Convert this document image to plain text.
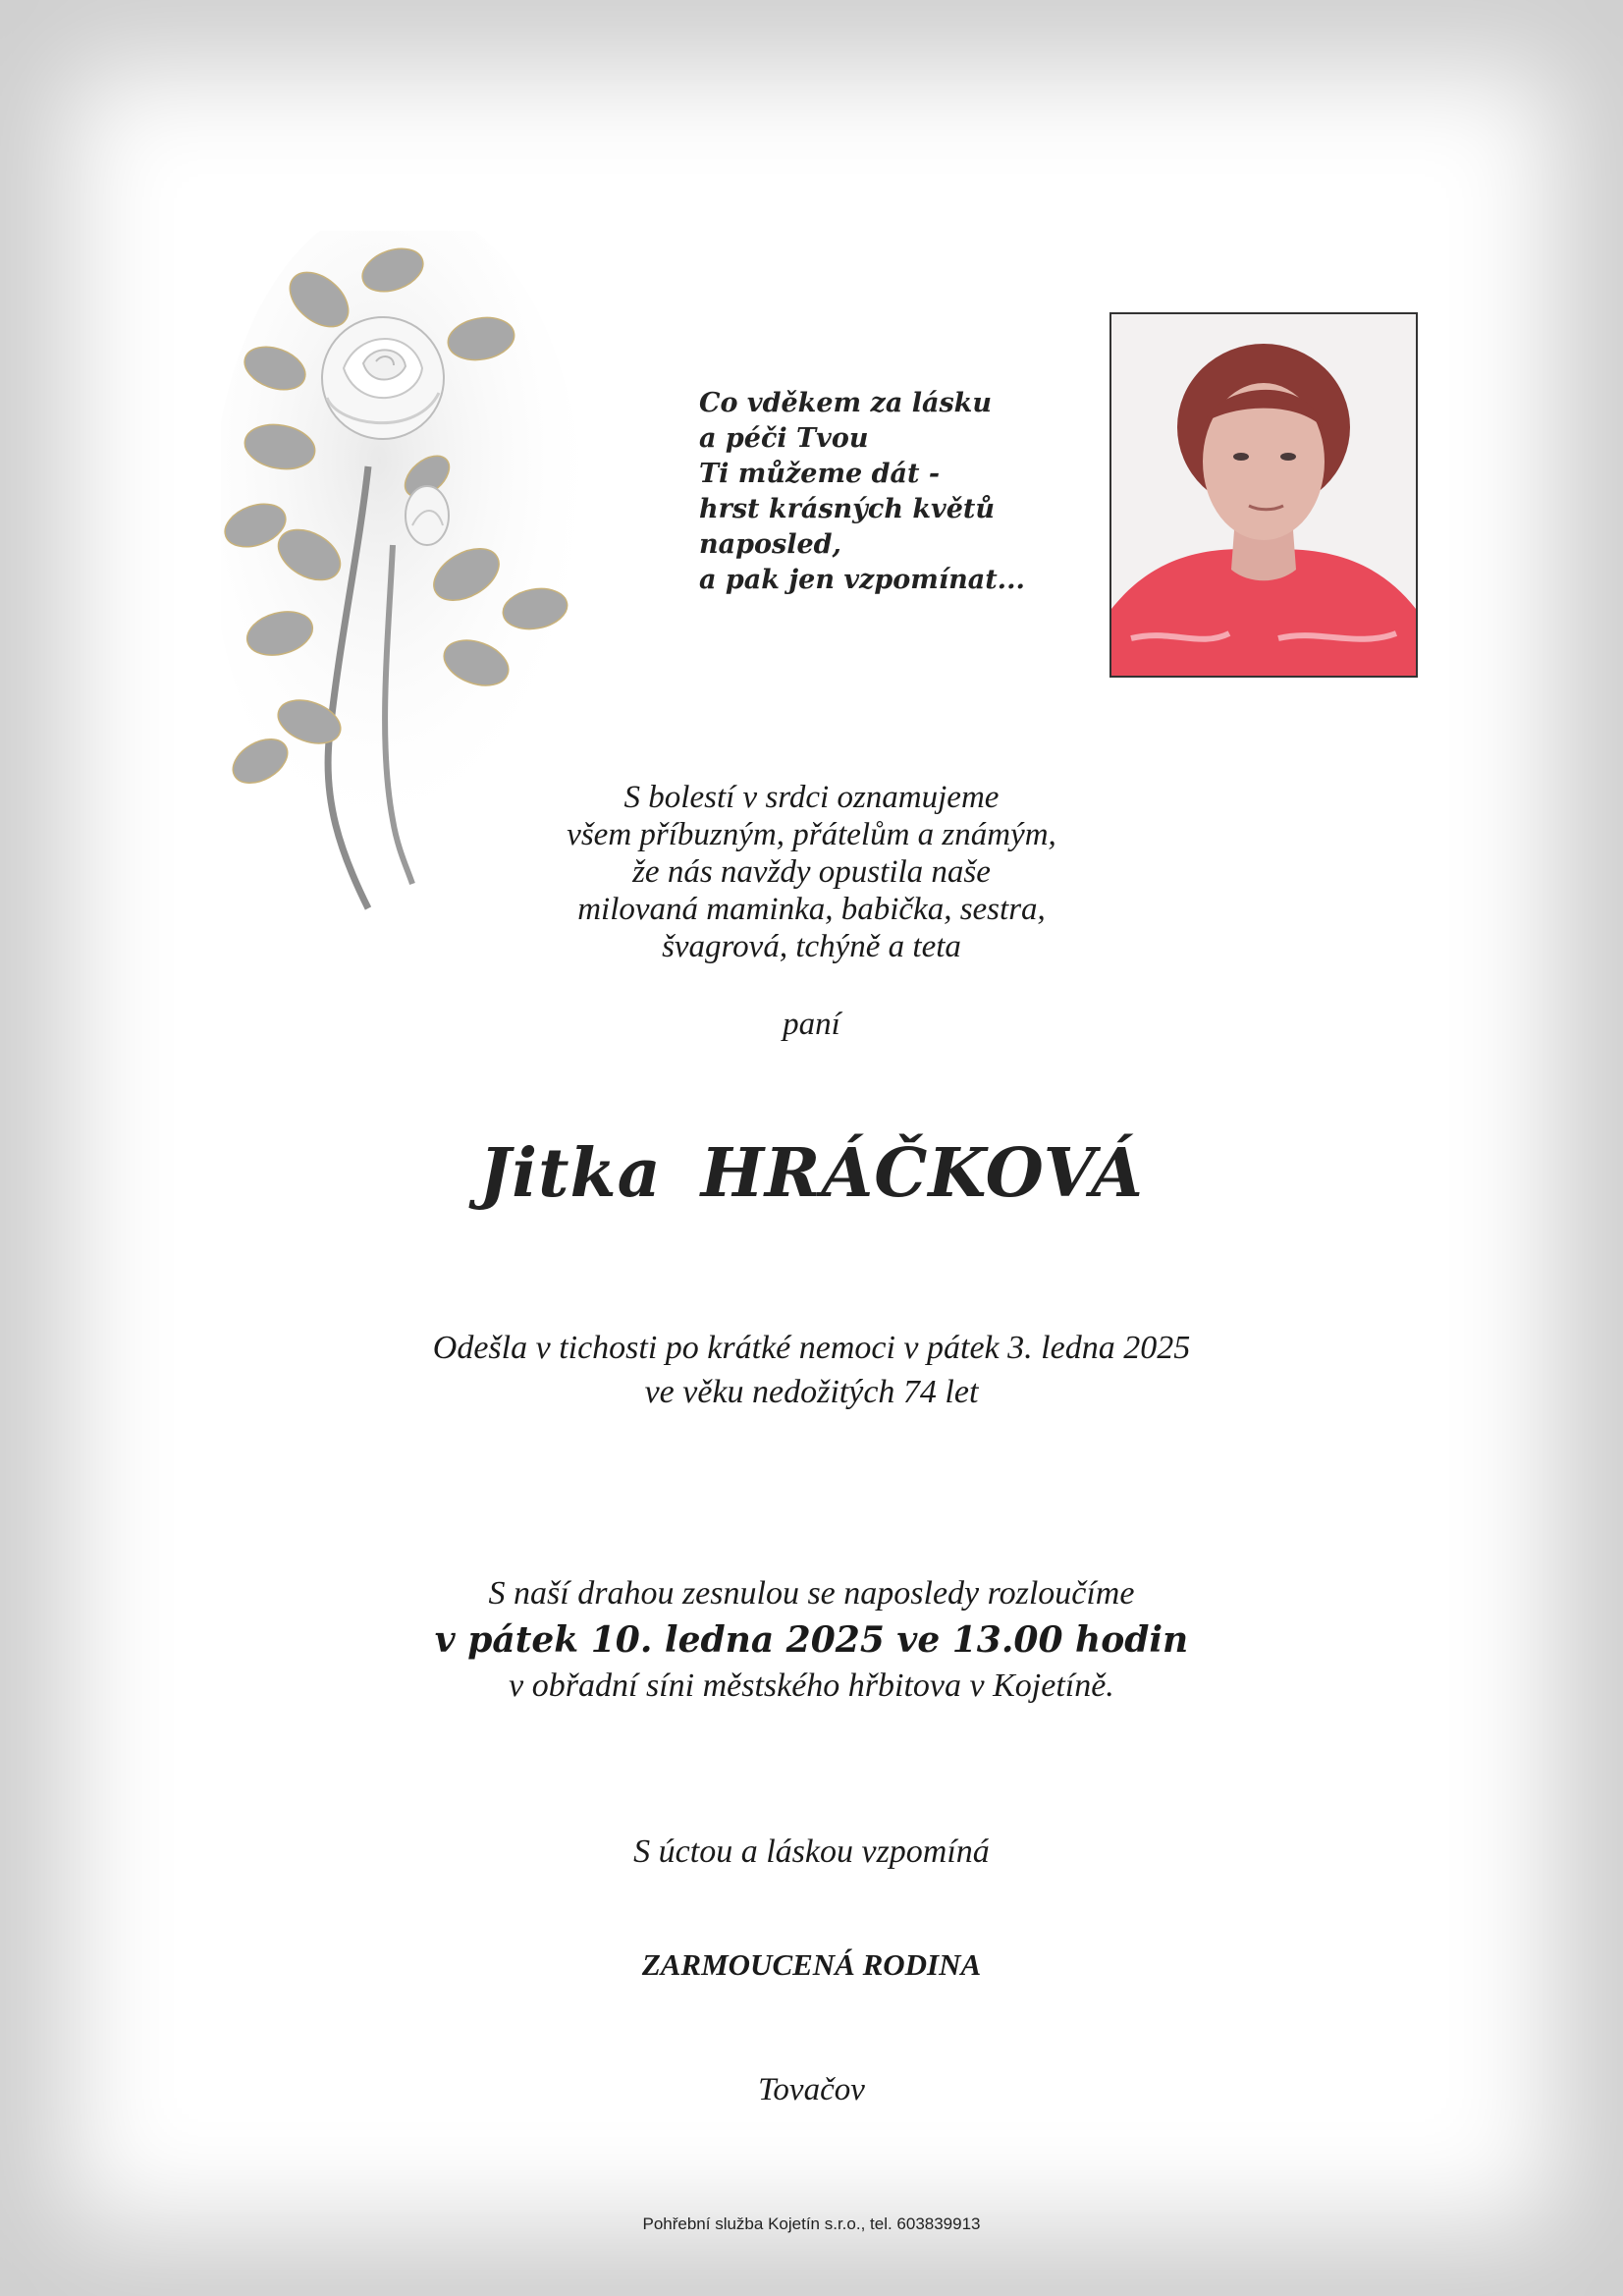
Co vděkem za lásku
a péči Tvou
Ti můžeme dát -
hrst krásných květů
naposled,
a pak jen vzpomínat...
S bolestí v srdci oznamujeme
všem příbuzným, přátelům a známým,
že nás navždy opustila naše
milovaná maminka, babička, sestra,
švagrová, tchýně a teta
paní
Jitka HRÁČKOVÁ
Odešla v tichosti po krátké nemoci v pátek 3. ledna 2025
ve věku nedožitých 74 let
S naší drahou zesnulou se naposledy rozloučíme
v pátek 10. ledna 2025 ve 13.00 hodin
v obřadní síni městského hřbitova v Kojetíně.
S úctou a láskou vzpomíná
ZARMOUCENÁ RODINA
Tovačov
Pohřební služba Kojetín s.r.o., tel. 603839913
